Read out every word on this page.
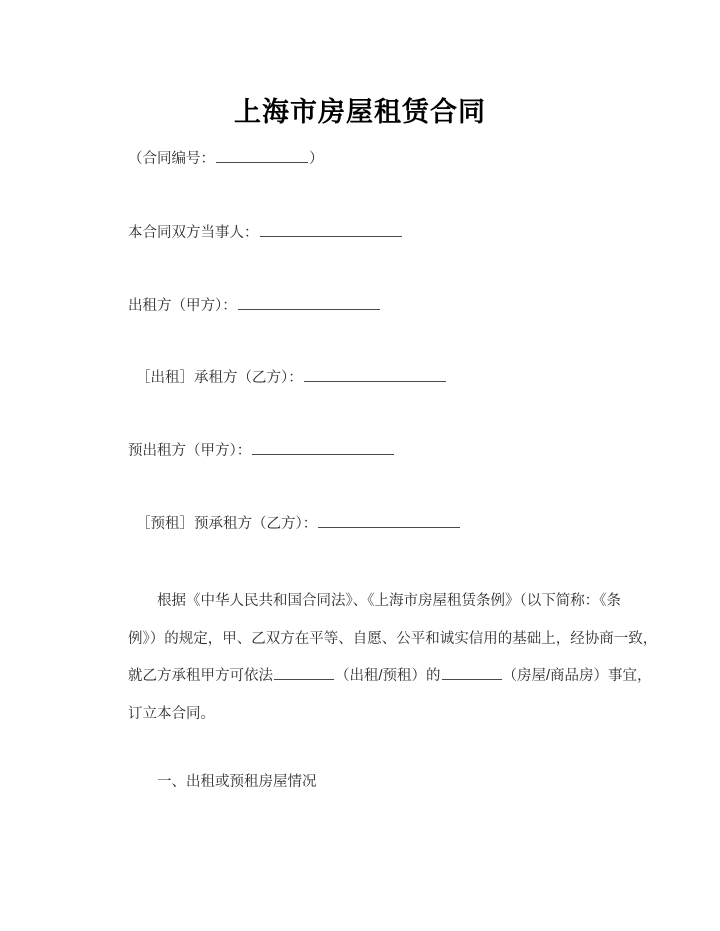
上海市房屋租赁合同
（合同编号：	）
本合同双方当事人：
出租方（甲方）：
［出租］承租方（乙方）：
预出租方（甲方）：
［预租］预承租方（乙方）：
根据《中华人民共和国合同法》、《上海市房屋租赁条例》（以下简称：《条
例》）的规定，甲、乙双方在平等、自愿、公平和诚实信用的基础上，经协商一致，
就乙方承租甲方可依法	（出租/预租）的	（房屋/商品房）事宜，
订立本合同。
一、出租或预租房屋情况
